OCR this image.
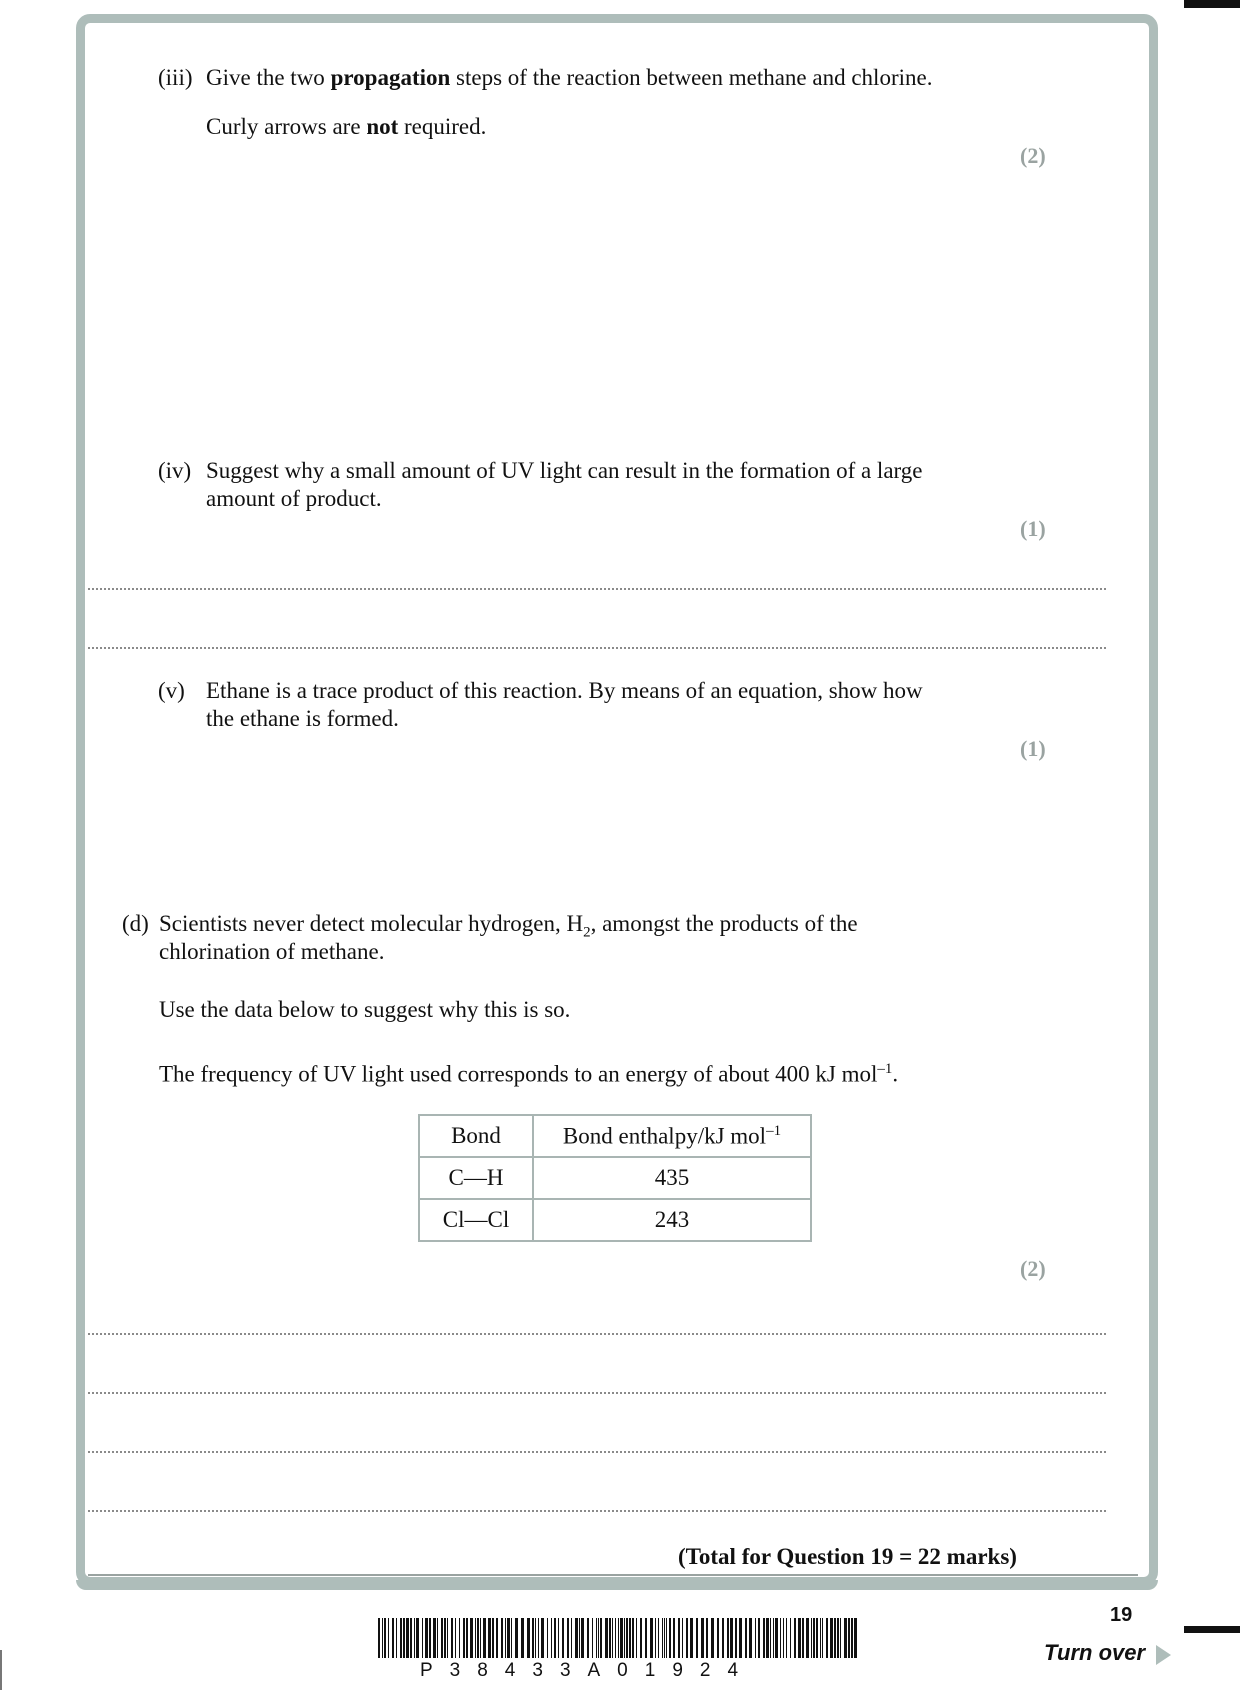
(iii) Give the two propagation steps of the reaction between methane and chlorine.
Curly arrows are not required.
(2)
(iv) Suggest why a small amount of UV light can result in the formation of a large
amount of product.
(1)
(v) Ethane is a trace product of this reaction. By means of an equation, show how
the ethane is formed.
(1)
(d) Scientists never detect molecular hydrogen, $H_2$, amongst the products of the
chlorination of methane.
Use the data below to suggest why this is so.
The frequency of UV light used corresponds to an energy of about 400 kJ mol$^{-1}$.
Bond	Bond enthalpy/kJ mol$^{-1}$
C—H	435
Cl—Cl	243
(2)
(Total for Question 19 = 22 marks)
P38433A01924
19
Turn over
